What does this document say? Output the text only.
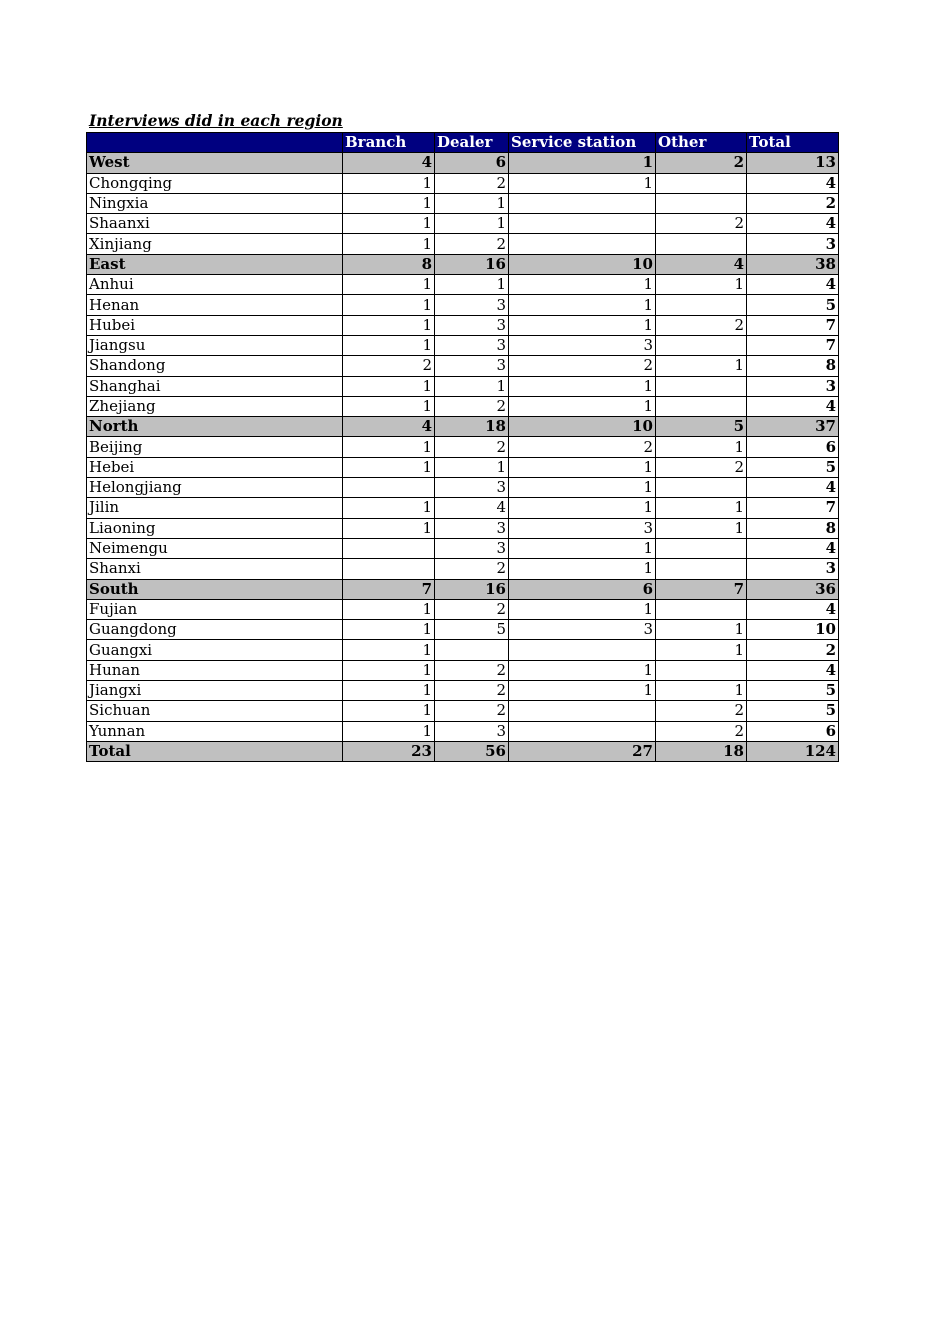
Interviews did in each region
	Branch	Dealer	Service station	Other	Total
West	4	6	1	2	13
Chongqing	1	2	1		4
Ningxia	1	1			2
Shaanxi	1	1		2	4
Xinjiang	1	2			3
East	8	16	10	4	38
Anhui	1	1	1	1	4
Henan	1	3	1		5
Hubei	1	3	1	2	7
Jiangsu	1	3	3		7
Shandong	2	3	2	1	8
Shanghai	1	1	1		3
Zhejiang	1	2	1		4
North	4	18	10	5	37
Beijing	1	2	2	1	6
Hebei	1	1	1	2	5
Helongjiang		3	1		4
Jilin	1	4	1	1	7
Liaoning	1	3	3	1	8
Neimengu		3	1		4
Shanxi		2	1		3
South	7	16	6	7	36
Fujian	1	2	1		4
Guangdong	1	5	3	1	10
Guangxi	1			1	2
Hunan	1	2	1		4
Jiangxi	1	2	1	1	5
Sichuan	1	2		2	5
Yunnan	1	3		2	6
Total	23	56	27	18	124
